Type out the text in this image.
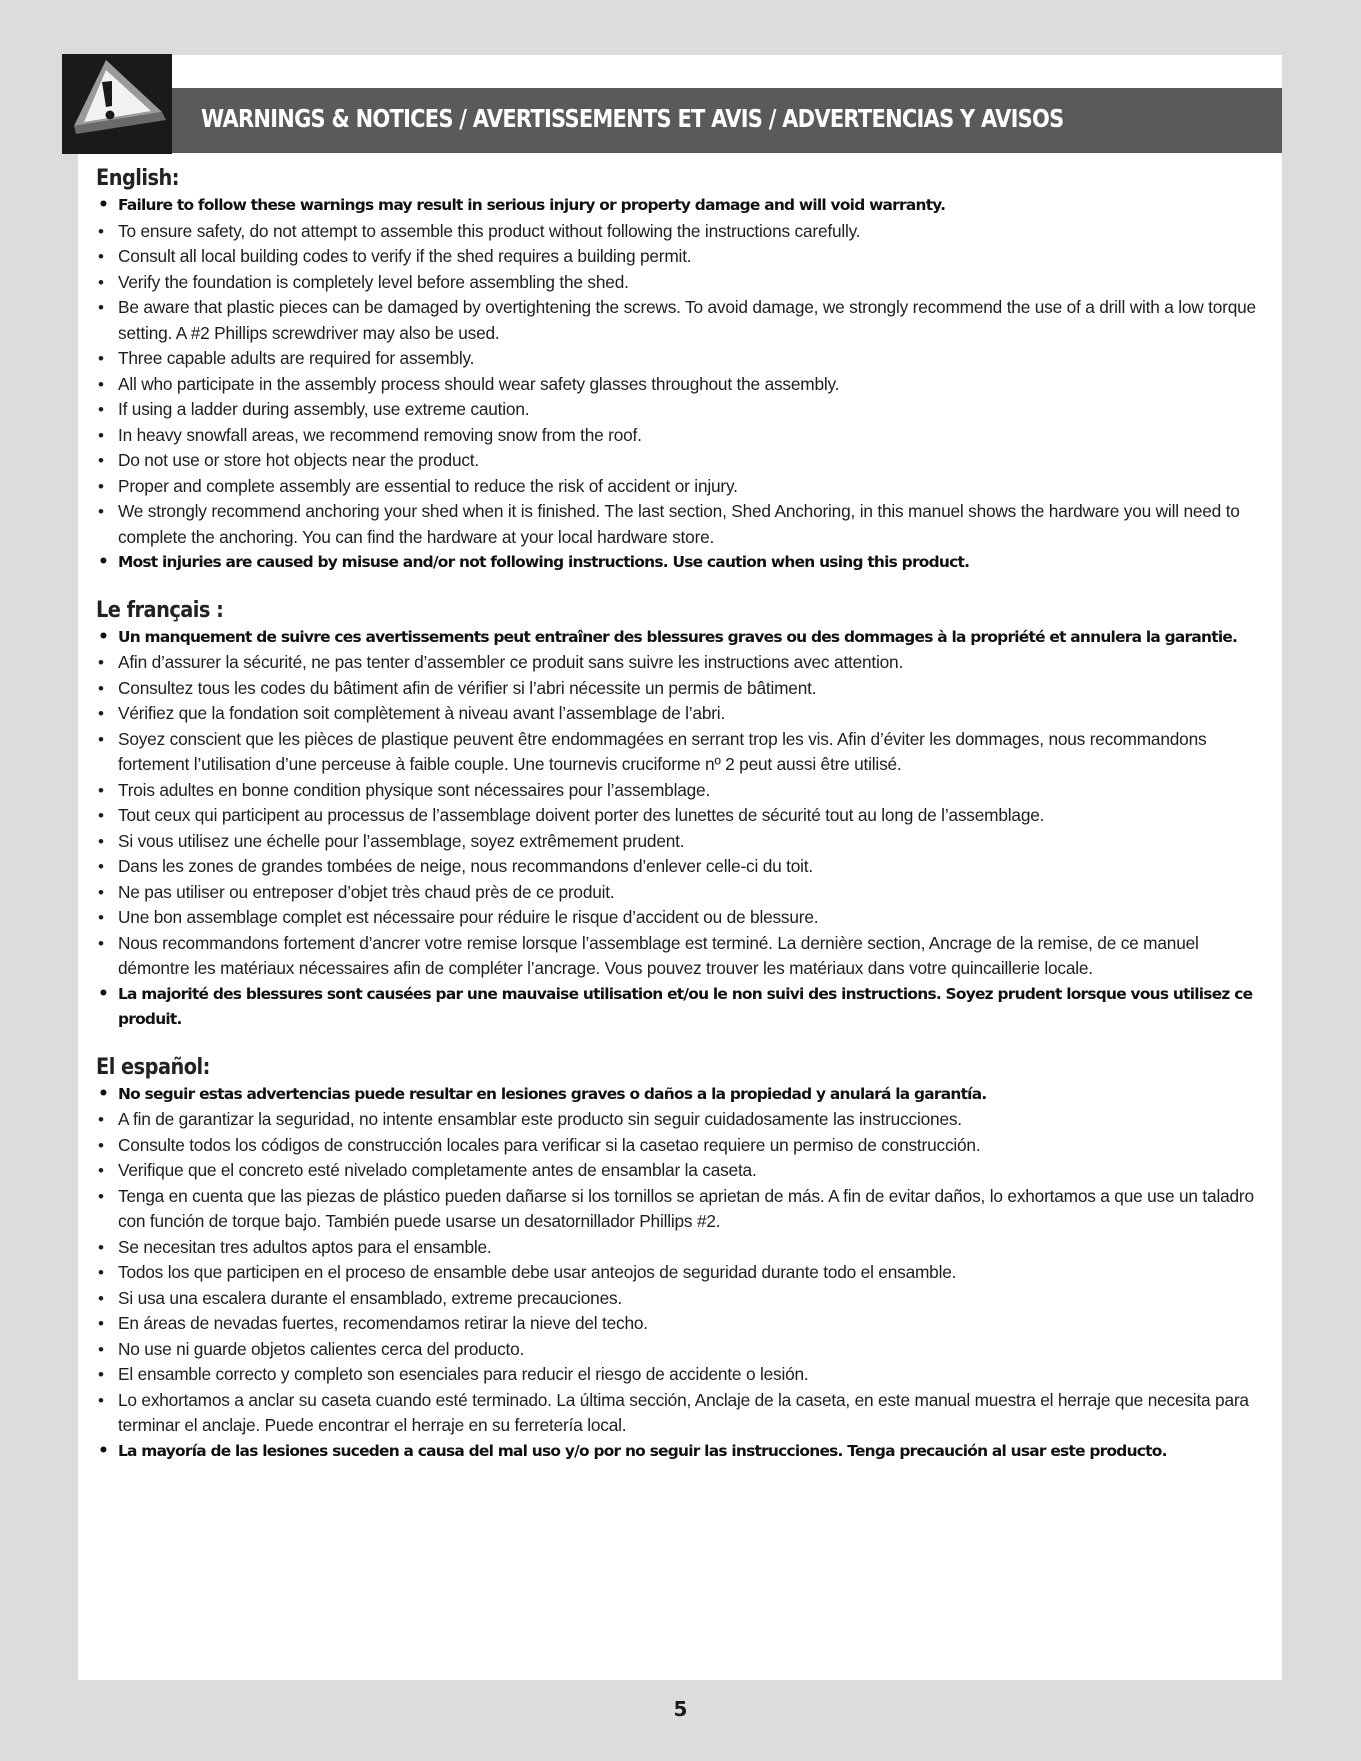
WARNINGS & NOTICES / AVERTISSEMENTS ET AVIS / ADVERTENCIAS Y AVISOS
English:
• Failure to follow these warnings may result in serious injury or property damage and will void warranty.
• To ensure safety, do not attempt to assemble this product without following the instructions carefully.
• Consult all local building codes to verify if the shed requires a building permit.
• Verify the foundation is completely level before assembling the shed.
• Be aware that plastic pieces can be damaged by overtightening the screws. To avoid damage, we strongly recommend the use of a drill with a low torque setting. A #2 Phillips screwdriver may also be used.
• Three capable adults are required for assembly.
• All who participate in the assembly process should wear safety glasses throughout the assembly.
• If using a ladder during assembly, use extreme caution.
• In heavy snowfall areas, we recommend removing snow from the roof.
• Do not use or store hot objects near the product.
• Proper and complete assembly are essential to reduce the risk of accident or injury.
• We strongly recommend anchoring your shed when it is finished. The last section, Shed Anchoring, in this manuel shows the hardware you will need to complete the anchoring. You can find the hardware at your local hardware store.
• Most injuries are caused by misuse and/or not following instructions. Use caution when using this product.
Le français :
• Un manquement de suivre ces avertissements peut entraîner des blessures graves ou des dommages à la propriété et annulera la garantie.
• Afin d’assurer la sécurité, ne pas tenter d’assembler ce produit sans suivre les instructions avec attention.
• Consultez tous les codes du bâtiment afin de vérifier si l’abri nécessite un permis de bâtiment.
• Vérifiez que la fondation soit complètement à niveau avant l’assemblage de l’abri.
• Soyez conscient que les pièces de plastique peuvent être endommagées en serrant trop les vis. Afin d’éviter les dommages, nous recommandons fortement l’utilisation d’une perceuse à faible couple. Une tournevis cruciforme nº 2 peut aussi être utilisé.
• Trois adultes en bonne condition physique sont nécessaires pour l’assemblage.
• Tout ceux qui participent au processus de l’assemblage doivent porter des lunettes de sécurité tout au long de l’assemblage.
• Si vous utilisez une échelle pour l’assemblage, soyez extrêmement prudent.
• Dans les zones de grandes tombées de neige, nous recommandons d’enlever celle-ci du toit.
• Ne pas utiliser ou entreposer d’objet très chaud près de ce produit.
• Une bon assemblage complet est nécessaire pour réduire le risque d’accident ou de blessure.
• Nous recommandons fortement d’ancrer votre remise lorsque l’assemblage est terminé. La dernière section, Ancrage de la remise, de ce manuel démontre les matériaux nécessaires afin de compléter l’ancrage. Vous pouvez trouver les matériaux dans votre quincaillerie locale.
• La majorité des blessures sont causées par une mauvaise utilisation et/ou le non suivi des instructions. Soyez prudent lorsque vous utilisez ce produit.
El español:
• No seguir estas advertencias puede resultar en lesiones graves o daños a la propiedad y anulará la garantía.
• A fin de garantizar la seguridad, no intente ensamblar este producto sin seguir cuidadosamente las instrucciones.
• Consulte todos los códigos de construcción locales para verificar si la casetao requiere un permiso de construcción.
• Verifique que el concreto esté nivelado completamente antes de ensamblar la caseta.
• Tenga en cuenta que las piezas de plástico pueden dañarse si los tornillos se aprietan de más. A fin de evitar daños, lo exhortamos a que use un taladro con función de torque bajo. También puede usarse un desatornillador Phillips #2.
• Se necesitan tres adultos aptos para el ensamble.
• Todos los que participen en el proceso de ensamble debe usar anteojos de seguridad durante todo el ensamble.
• Si usa una escalera durante el ensamblado, extreme precauciones.
• En áreas de nevadas fuertes, recomendamos retirar la nieve del techo.
• No use ni guarde objetos calientes cerca del producto.
• El ensamble correcto y completo son esenciales para reducir el riesgo de accidente o lesión.
• Lo exhortamos a anclar su caseta cuando esté terminado. La última sección, Anclaje de la caseta, en este manual muestra el herraje que necesita para terminar el anclaje. Puede encontrar el herraje en su ferretería local.
• La mayoría de las lesiones suceden a causa del mal uso y/o por no seguir las instrucciones. Tenga precaución al usar este producto.
5
